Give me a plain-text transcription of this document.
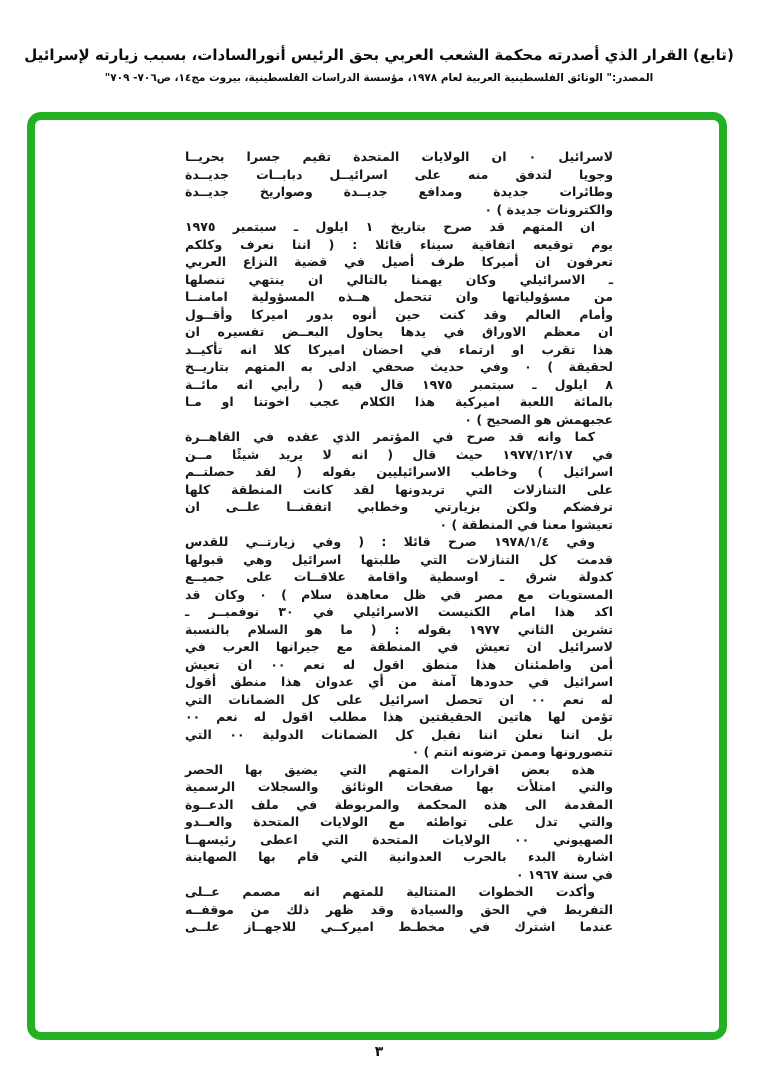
(تابع) القرار الذي أصدرته محكمة الشعب العربي بحق الرئيس أنورالسادات، بسبب زيارته لإسرائيل
المصدر:" الوثائق الفلسطينية العربية لعام ١٩٧٨، مؤسسة الدراسات الفلسطينية، بيروت مج١٤، ص٧٠٦- ٧٠٩"
لاسرائيل ٠ ان الولايات المتحدة تقيم جسرا بحريــا
وجويا لتدفق منه على اسرائيــل دبابــات جديــدة
وطائرات جديدة ومدافع جديــدة وصواريخ جديــدة
والكترونات جديدة ) ٠
ان المتهم قد صرح بتاريخ ١ ايلول ـ سبتمبر ١٩٧٥
يوم توقيعه اتفاقية سيناء قائلا : ( اننا نعرف وكلكم
تعرفون ان أميركا طرف أصيل في قضية النزاع العربي
ـ الاسرائيلي وكان يهمنا بالتالي ان ينتهي تنصلها
من مسؤولياتها وان تتحمل هــذه المسؤولية امامنــا
وأمام العالم وقد كنت حين أنوه بدور اميركا وأقــول
ان معظم الاوراق في يدها يحاول البعــض تفسيره ان
هذا تقرب او ارتماء في احضان اميركا كلا انه تأكيــد
لحقيقة ) ٠ وفي حديث صحفي ادلى به المتهم بتاريــخ
٨ ايلول ـ سبتمبر ١٩٧٥ قال فيه ( رأيي انه مائــة
بالمائة اللعبة اميركية هذا الكلام عجب اخوتنا او مـا
عجبهمش هو الصحيح ) ٠
كما وانه قد صرح في المؤتمر الذي عقده في القاهــرة
في ١٩٧٧/١٢/١٧ حيث قال ( انه لا يريد شيئًا مــن
اسرائيل ) وخاطب الاسرائيليين بقوله ( لقد حصلتــم
على التنازلات التي تريدونها لقد كانت المنطقة كلها
ترفضكم ولكن بزيارتي وخطابي اتفقنــا علــى ان
تعيشوا معنا في المنطقة ) ٠
وفي ١٩٧٨/١/٤ صرح قائلا : ( وفي زيارتــي للقدس
قدمت كل التنازلات التي طلبتها اسرائيل وهي قبولها
كدولة شرق ـ اوسطية واقامة علاقــات على جميــع
المستويات مع مصر في ظل معاهدة سلام ) ٠ وكان قد
اكد هذا امام الكنيست الاسرائيلي في ٣٠ نوفمبــر ـ
تشرين الثاني ١٩٧٧ بقوله : ( ما هو السلام بالنسبة
لاسرائيل ان تعيش في المنطقة مع جيرانها العرب في
أمن واطمئنان هذا منطق اقول له نعم ٠٠ ان تعيش
اسرائيل في حدودها آمنة من أي عدوان هذا منطق أقول
له نعم ٠٠ ان تحصل اسرائيل على كل الضمانات التي
تؤمن لها هاتين الحقيقتين هذا مطلب اقول له نعم ٠٠
بل اننا نعلن اننا نقبل كل الضمانات الدولية ٠٠ التي
تتصورونها وممن ترضونه انتم ) ٠
هذه بعض اقرارات المتهم التي يضيق بها الحصر
والتي امتلأت بها صفحات الوثائق والسجلات الرسمية
المقدمة الى هذه المحكمة والمربوطة في ملف الدعــوة
والتي تدل على تواطئه مع الولايات المتحدة والعــدو
الصهيوني ٠٠ الولايات المتحدة التي اعطى رئيسهــا
اشارة البدء بالحرب العدوانية التي قام بها الصهاينة
في سنة ١٩٦٧ ٠
وأكدت الخطوات المتتالية للمتهم انه مصمم عــلى
التفريط في الحق والسيادة وقد ظهر ذلك من موقفــه
عندما اشترك في مخطـط اميركــي للاجهــاز علــى
٣
